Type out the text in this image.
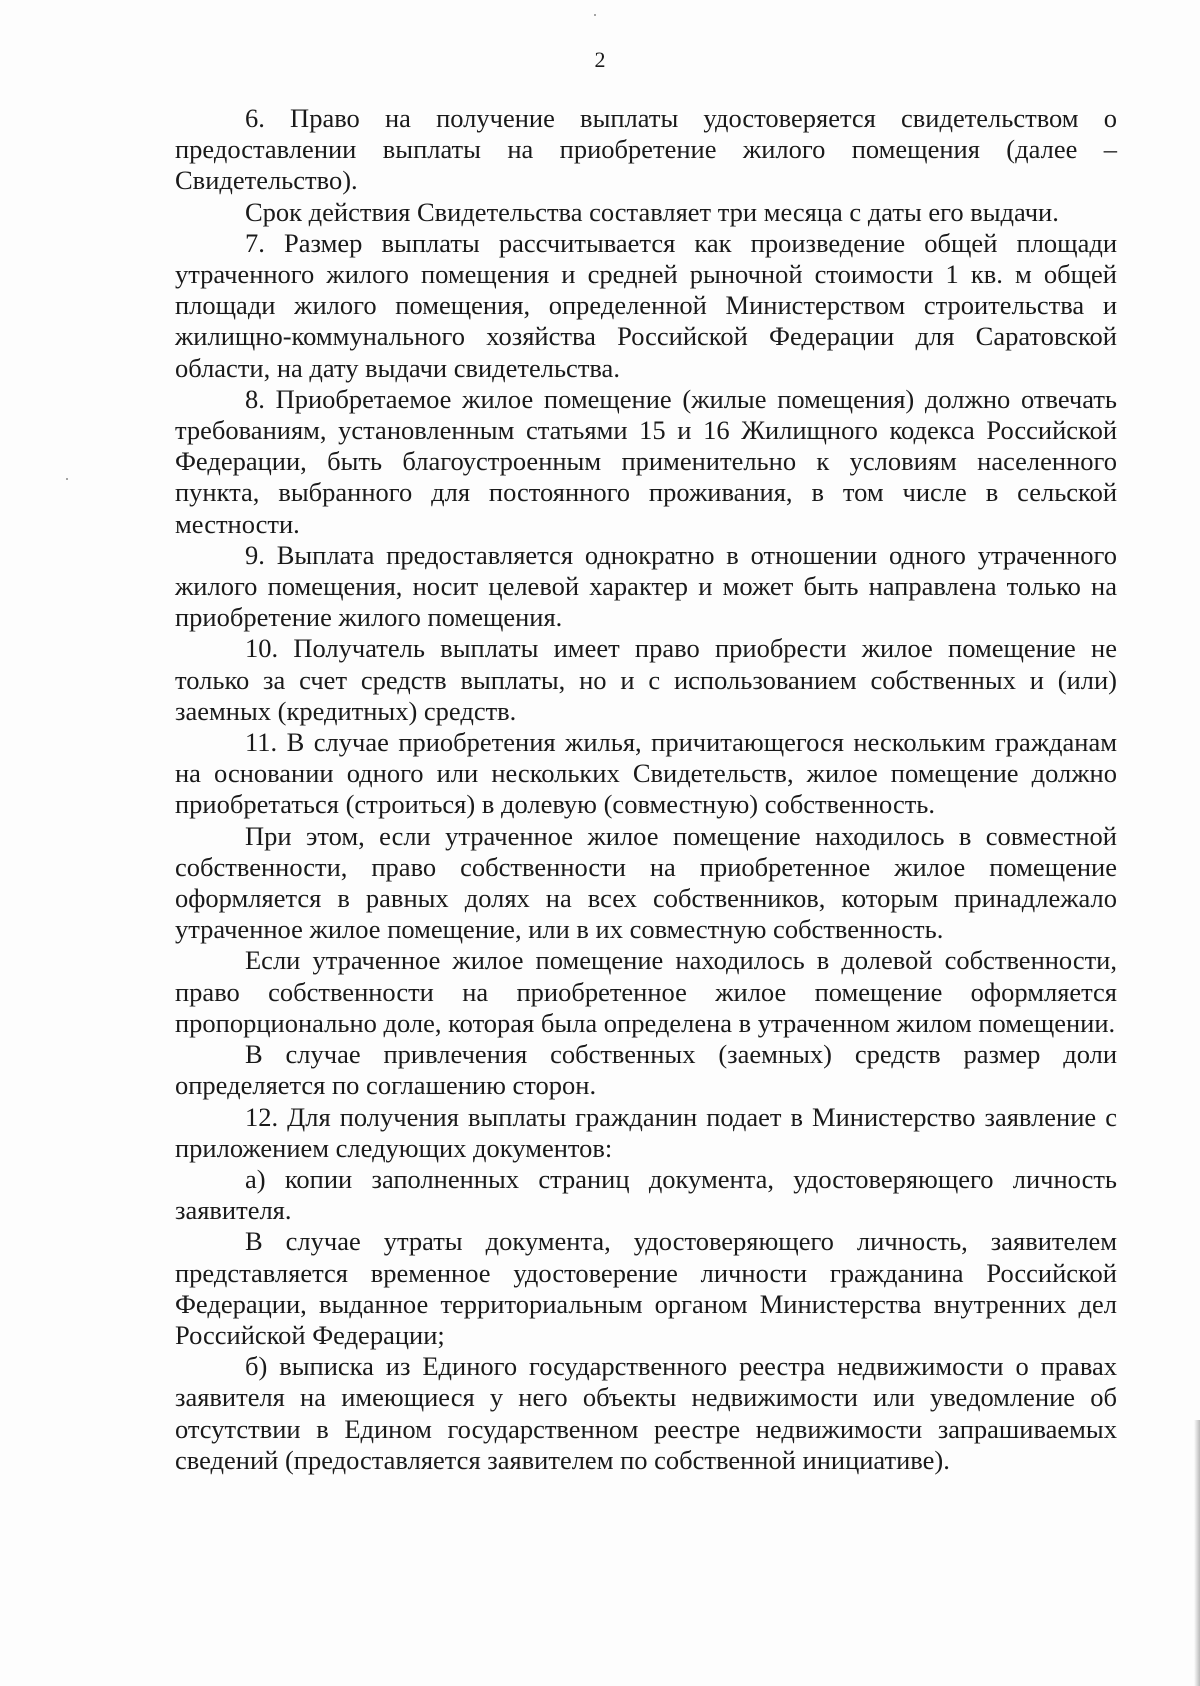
2

6. Право на получение выплаты удостоверяется свидетельством о предоставлении выплаты на приобретение жилого помещения (далее – Свидетельство).

Срок действия Свидетельства составляет три месяца с даты его выдачи.

7. Размер выплаты рассчитывается как произведение общей площади утраченного жилого помещения и средней рыночной стоимости 1 кв. м общей площади жилого помещения, определенной Министерством строительства и жилищно-коммунального хозяйства Российской Федерации для Саратовской области, на дату выдачи свидетельства.

8. Приобретаемое жилое помещение (жилые помещения) должно отвечать требованиям, установленным статьями 15 и 16 Жилищного кодекса Российской Федерации, быть благоустроенным применительно к условиям населенного пункта, выбранного для постоянного проживания, в том числе в сельской местности.

9. Выплата предоставляется однократно в отношении одного утраченного жилого помещения, носит целевой характер и может быть направлена только на приобретение жилого помещения.

10. Получатель выплаты имеет право приобрести жилое помещение не только за счет средств выплаты, но и с использованием собственных и (или) заемных (кредитных) средств.

11. В случае приобретения жилья, причитающегося нескольким гражданам на основании одного или нескольких Свидетельств, жилое помещение должно приобретаться (строиться) в долевую (совместную) собственность.

При этом, если утраченное жилое помещение находилось в совместной собственности, право собственности на приобретенное жилое помещение оформляется в равных долях на всех собственников, которым принадлежало утраченное жилое помещение, или в их совместную собственность.

Если утраченное жилое помещение находилось в долевой собственности, право собственности на приобретенное жилое помещение оформляется пропорционально доле, которая была определена в утраченном жилом помещении.

В случае привлечения собственных (заемных) средств размер доли определяется по соглашению сторон.

12. Для получения выплаты гражданин подает в Министерство заявление с приложением следующих документов:

а) копии заполненных страниц документа, удостоверяющего личность заявителя.

В случае утраты документа, удостоверяющего личность, заявителем представляется временное удостоверение личности гражданина Российской Федерации, выданное территориальным органом Министерства внутренних дел Российской Федерации;

б) выписка из Единого государственного реестра недвижимости о правах заявителя на имеющиеся у него объекты недвижимости или уведомление об отсутствии в Едином государственном реестре недвижимости запрашиваемых сведений (предоставляется заявителем по собственной инициативе).
